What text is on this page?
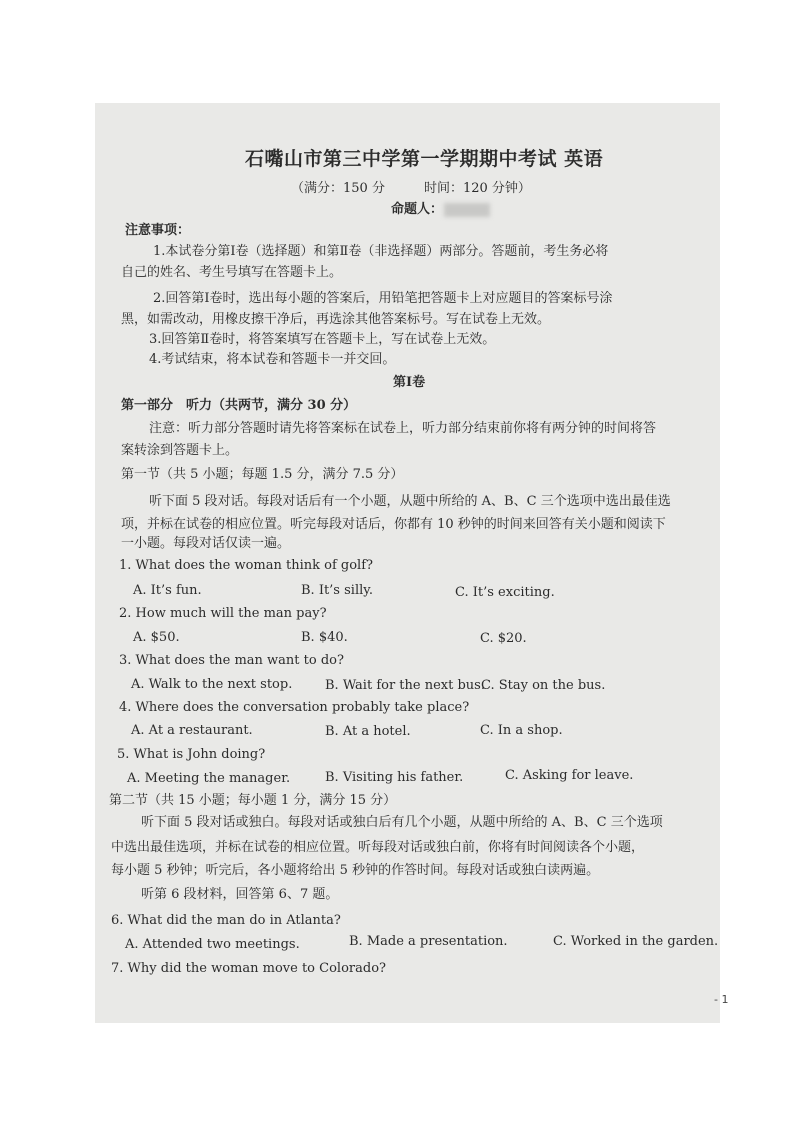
石嘴山市第三中学第一学期期中考试 英语
（满分：150 分　　　时间：120 分钟）
命题人：
注意事项：
1.本试卷分第Ⅰ卷（选择题）和第Ⅱ卷（非选择题）两部分。答题前，考生务必将
自己的姓名、考生号填写在答题卡上。
2.回答第Ⅰ卷时，选出每小题的答案后，用铅笔把答题卡上对应题目的答案标号涂
黑，如需改动，用橡皮擦干净后，再选涂其他答案标号。写在试卷上无效。
3.回答第Ⅱ卷时，将答案填写在答题卡上，写在试卷上无效。
4.考试结束，将本试卷和答题卡一并交回。
第Ⅰ卷
第一部分　听力（共两节，满分 30 分）
注意：听力部分答题时请先将答案标在试卷上，听力部分结束前你将有两分钟的时间将答
案转涂到答题卡上。
第一节（共 5 小题；每题 1.5 分，满分 7.5 分）
听下面 5 段对话。每段对话后有一个小题，从题中所给的 A、B、C 三个选项中选出最佳选
项，并标在试卷的相应位置。听完每段对话后，你都有 10 秒钟的时间来回答有关小题和阅读下
一小题。每段对话仅读一遍。
1. What does the woman think of golf?
A. It’s fun.	B. It’s silly.	C. It’s exciting.
2. How much will the man pay?
A. $50.	B. $40.	C. $20.
3. What does the man want to do?
A. Walk to the next stop.	B. Wait for the next bus.
C. Stay on the bus.
4. Where does the conversation probably take place?
A. At a restaurant.	B. At a hotel.	C. In a shop.
5. What is John doing?
A. Meeting the manager.	B. Visiting his father.	C. Asking for leave.
第二节（共 15 小题；每小题 1 分，满分 15 分）
听下面 5 段对话或独白。每段对话或独白后有几个小题，从题中所给的 A、B、C 三个选项
中选出最佳选项，并标在试卷的相应位置。听每段对话或独白前，你将有时间阅读各个小题，
每小题 5 秒钟；听完后，各小题将给出 5 秒钟的作答时间。每段对话或独白读两遍。
听第 6 段材料，回答第 6、7 题。
6. What did the man do in Atlanta?
A. Attended two meetings.	B. Made a presentation.	C. Worked in the garden.
7. Why did the woman move to Colorado?
- 1
